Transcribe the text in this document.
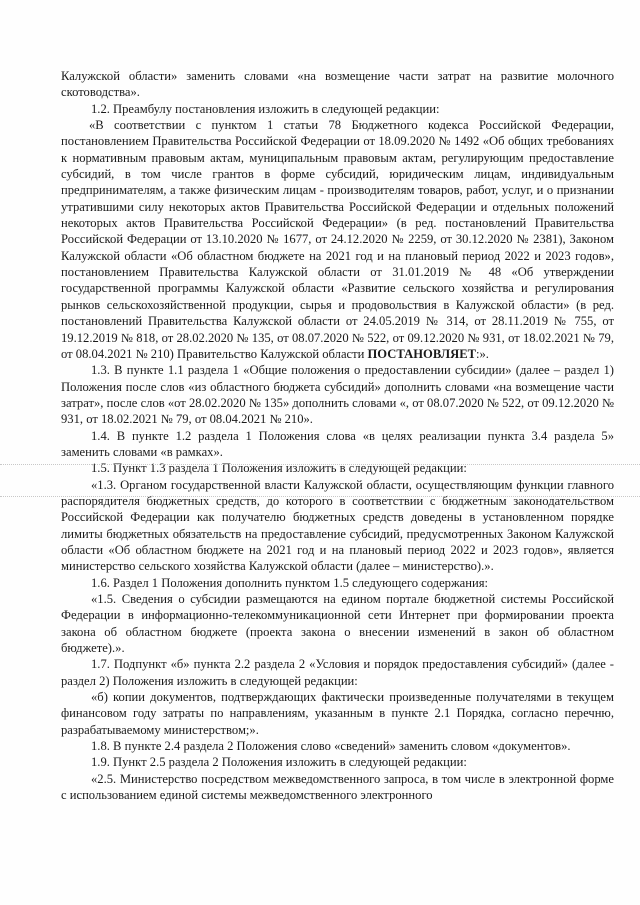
Калужской области» заменить словами «на возмещение части затрат на развитие молочного скотоводства».

1.2. Преамбулу постановления изложить в следующей редакции:

«В соответствии с пунктом 1 статьи 78 Бюджетного кодекса Российской Федерации, постановлением Правительства Российской Федерации от 18.09.2020 № 1492 «Об общих требованиях к нормативным правовым актам, муниципальным правовым актам, регулирующим предоставление субсидий, в том числе грантов в форме субсидий, юридическим лицам, индивидуальным предпринимателям, а также физическим лицам - производителям товаров, работ, услуг, и о признании утратившими силу некоторых актов Правительства Российской Федерации и отдельных положений некоторых актов Правительства Российской Федерации» (в ред. постановлений Правительства Российской Федерации от 13.10.2020 № 1677, от 24.12.2020 № 2259, от 30.12.2020 № 2381), Законом Калужской области «Об областном бюджете на 2021 год и на плановый период 2022 и 2023 годов», постановлением Правительства Калужской области от 31.01.2019 № 48 «Об утверждении государственной программы Калужской области «Развитие сельского хозяйства и регулирования рынков сельскохозяйственной продукции, сырья и продовольствия в Калужской области» (в ред. постановлений Правительства Калужской области от 24.05.2019 № 314, от 28.11.2019 № 755, от 19.12.2019 № 818, от 28.02.2020 № 135, от 08.07.2020 № 522, от 09.12.2020 № 931, от 18.02.2021 № 79, от 08.04.2021 № 210) Правительство Калужской области ПОСТАНОВЛЯЕТ:».

1.3. В пункте 1.1 раздела 1 «Общие положения о предоставлении субсидии» (далее – раздел 1) Положения после слов «из областного бюджета субсидий» дополнить словами «на возмещение части затрат», после слов «от 28.02.2020 № 135» дополнить словами «, от 08.07.2020 № 522, от 09.12.2020 № 931, от 18.02.2021 № 79, от 08.04.2021 № 210».

1.4. В пункте 1.2 раздела 1 Положения слова «в целях реализации пункта 3.4 раздела 5» заменить словами «в рамках».

1.5. Пункт 1.3 раздела 1 Положения изложить в следующей редакции:

«1.3. Органом государственной власти Калужской области, осуществляющим функции главного распорядителя бюджетных средств, до которого в соответствии с бюджетным законодательством Российской Федерации как получателю бюджетных средств доведены в установленном порядке лимиты бюджетных обязательств на предоставление субсидий, предусмотренных Законом Калужской области «Об областном бюджете на 2021 год и на плановый период 2022 и 2023 годов», является министерство сельского хозяйства Калужской области (далее – министерство).».

1.6. Раздел 1 Положения дополнить пунктом 1.5 следующего содержания:

«1.5. Сведения о субсидии размещаются на едином портале бюджетной системы Российской Федерации в информационно-телекоммуникационной сети Интернет при формировании проекта закона об областном бюджете (проекта закона о внесении изменений в закон об областном бюджете).».

1.7. Подпункт «б» пункта 2.2 раздела 2 «Условия и порядок предоставления субсидий» (далее - раздел 2) Положения изложить в следующей редакции:

«б) копии документов, подтверждающих фактически произведенные получателями в текущем финансовом году затраты по направлениям, указанным в пункте 2.1 Порядка, согласно перечню, разрабатываемому министерством;».

1.8. В пункте 2.4 раздела 2 Положения слово «сведений» заменить словом «документов».

1.9. Пункт 2.5 раздела 2 Положения изложить в следующей редакции:

«2.5. Министерство посредством межведомственного запроса, в том числе в электронной форме с использованием единой системы межведомственного электронного
